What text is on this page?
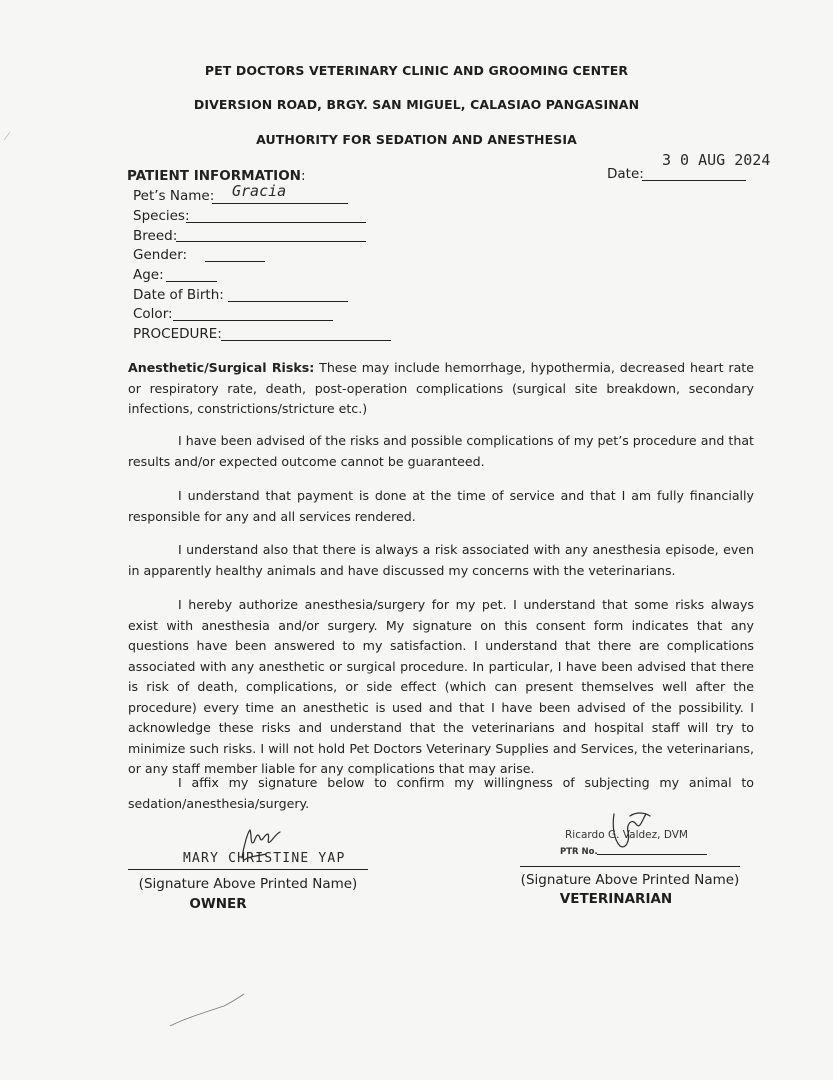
PET DOCTORS VETERINARY CLINIC AND GROOMING CENTER
DIVERSION ROAD, BRGY. SAN MIGUEL, CALASIAO PANGASINAN
AUTHORITY FOR SEDATION AND ANESTHESIA
3 0 AUG 2024
Date:
PATIENT INFORMATION:
Pet’s Name: Gracia
Species:
Breed:
Gender:
Age:
Date of Birth:
Color:
PROCEDURE:
Anesthetic/Surgical Risks: These may include hemorrhage, hypothermia, decreased heart rate or respiratory rate, death, post-operation complications (surgical site breakdown, secondary infections, constrictions/stricture etc.)
I have been advised of the risks and possible complications of my pet’s procedure and that results and/or expected outcome cannot be guaranteed.
I understand that payment is done at the time of service and that I am fully financially responsible for any and all services rendered.
I understand also that there is always a risk associated with any anesthesia episode, even in apparently healthy animals and have discussed my concerns with the veterinarians.
I hereby authorize anesthesia/surgery for my pet. I understand that some risks always exist with anesthesia and/or surgery. My signature on this consent form indicates that any questions have been answered to my satisfaction. I understand that there are complications associated with any anesthetic or surgical procedure. In particular, I have been advised that there is risk of death, complications, or side effect (which can present themselves well after the procedure) every time an anesthetic is used and that I have been advised of the possibility. I acknowledge these risks and understand that the veterinarians and hospital staff will try to minimize such risks. I will not hold Pet Doctors Veterinary Supplies and Services, the veterinarians, or any staff member liable for any complications that may arise.
I affix my signature below to confirm my willingness of subjecting my animal to sedation/anesthesia/surgery.
MARY CHRISTINE YAP
(Signature Above Printed Name)
OWNER
Ricardo G. Valdez, DVM
PTR No.
(Signature Above Printed Name)
VETERINARIAN
